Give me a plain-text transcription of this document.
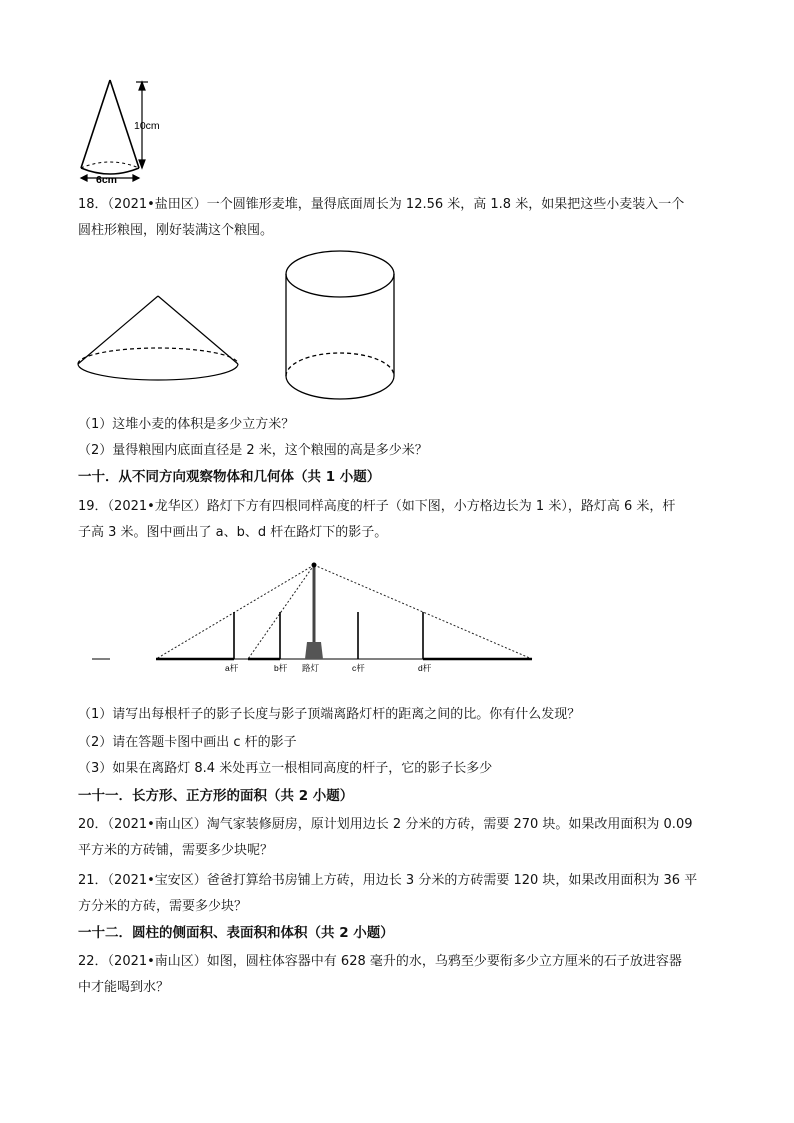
10cm
6cm
18．（2021•盐田区）一个圆锥形麦堆，量得底面周长为 12.56 米，高 1.8 米，如果把这些小麦装入一个
圆柱形粮囤，刚好装满这个粮囤。
（1）这堆小麦的体积是多少立方米？
（2）量得粮囤内底面直径是 2 米，这个粮囤的高是多少米？
一十．从不同方向观察物体和几何体（共 1 小题）
19．（2021•龙华区）路灯下方有四根同样高度的杆子（如下图，小方格边长为 1 米），路灯高 6 米，杆
子高 3 米。图中画出了 a、b、d 杆在路灯下的影子。
a杆	b杆 路灯	c杆	d杆
（1）请写出每根杆子的影子长度与影子顶端离路灯杆的距离之间的比。你有什么发现？
（2）请在答题卡图中画出 c 杆的影子
（3）如果在离路灯 8.4 米处再立一根相同高度的杆子，它的影子长多少
一十一．长方形、正方形的面积（共 2 小题）
20．（2021•南山区）淘气家装修厨房，原计划用边长 2 分米的方砖，需要 270 块。如果改用面积为 0.09
平方米的方砖铺，需要多少块呢？
21．（2021•宝安区）爸爸打算给书房铺上方砖，用边长 3 分米的方砖需要 120 块，如果改用面积为 36 平
方分米的方砖，需要多少块？
一十二．圆柱的侧面积、表面积和体积（共 2 小题）
22．（2021•南山区）如图，圆柱体容器中有 628 毫升的水，乌鸦至少要衔多少立方厘米的石子放进容器
中才能喝到水？
